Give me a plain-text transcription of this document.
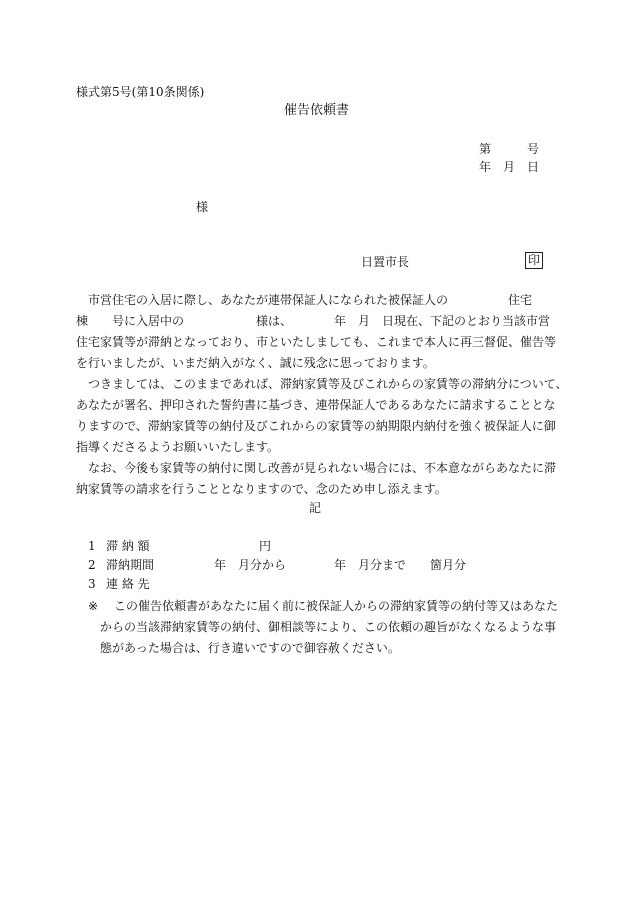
様式第5号(第10条関係)
催告依頼書
第　　　号
年　月　日
様
日置市長	印
　市営住宅の入居に際し、あなたが連帯保証人になられた被保証人の　　　　　住宅
棟　　号に入居中の　　　　　　様は、　　　　年　月　日現在、下記のとおり当該市営
住宅家賃等が滞納となっており、市といたしましても、これまで本人に再三督促、催告等
を行いましたが、いまだ納入がなく、誠に残念に思っております。
　つきましては、このままであれば、滞納家賃等及びこれからの家賃等の滞納分について、
あなたが署名、押印された誓約書に基づき、連帯保証人であるあなたに請求することとな
りますので、滞納家賃等の納付及びこれからの家賃等の納期限内納付を強く被保証人に御
指導くださるようお願いいたします。
　なお、今後も家賃等の納付に関し改善が見られない場合には、不本意ながらあなたに滞
納家賃等の請求を行うこととなりますので、念のため申し添えます。
記
1 滞 納 額	円
2 滞納期間	年　月分から　　　　年　月分まで　　箇月分
3 連 絡 先
※ この催告依頼書があなたに届く前に被保証人からの滞納家賃等の納付等又はあなた
からの当該滞納家賃等の納付、御相談等により、この依頼の趣旨がなくなるような事
態があった場合は、行き違いですので御容赦ください。
